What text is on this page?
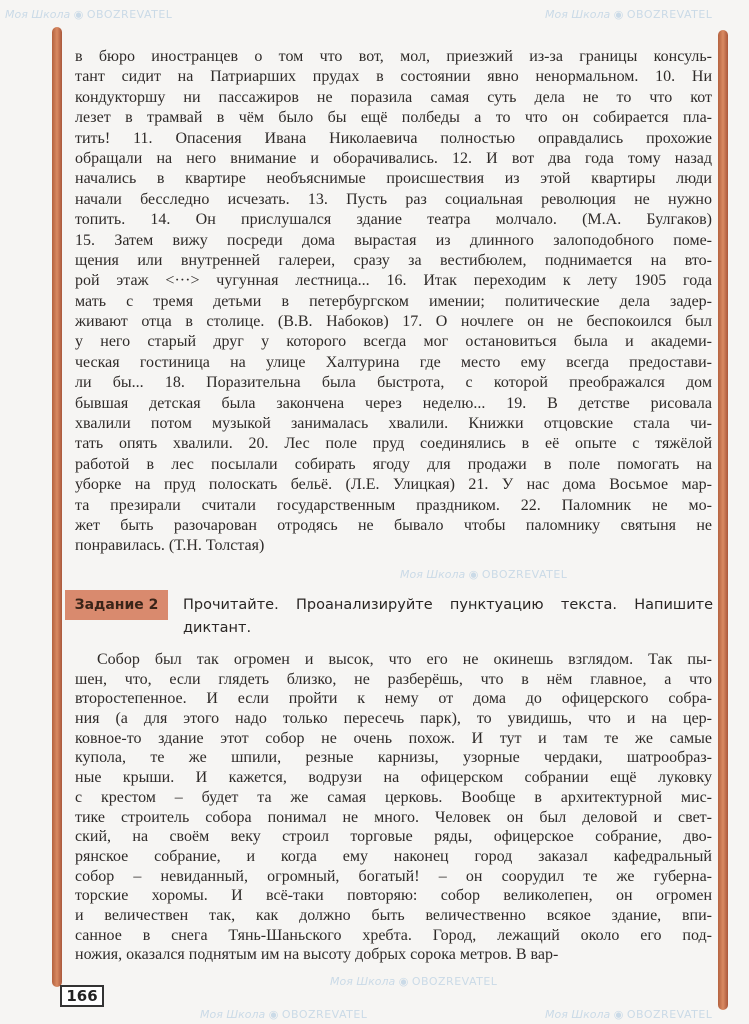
Моя Школа ◉ OBOZREVATEL	Моя Школа ◉ OBOZREVATEL
Моя Школа ◉ OBOZREVATEL
Моя Школа ◉ OBOZREVATEL
Моя Школа ◉ OBOZREVATEL
Моя Школа ◉ OBOZREVATEL
в бюро иностранцев о том что вот, мол, приезжий из-за границы консуль-
тант сидит на Патриарших прудах в состоянии явно ненормальном. 10. Ни
кондукторшу ни пассажиров не поразила самая суть дела не то что кот
лезет в трамвай в чём было бы ещё полбеды а то что он собирается пла-
тить! 11. Опасения Ивана Николаевича полностью оправдались прохожие
обращали на него внимание и оборачивались. 12. И вот два года тому назад
начались в квартире необъяснимые происшествия из этой квартиры люди
начали бесследно исчезать. 13. Пусть раз социальная революция не нужно
топить. 14. Он прислушался здание театра молчало. (М.А. Булгаков)
15. Затем вижу посреди дома вырастая из длинного залоподобного поме-
щения или внутренней галереи, сразу за вестибюлем, поднимается на вто-
рой этаж <···> чугунная лестница... 16. Итак переходим к лету 1905 года
мать с тремя детьми в петербургском имении; политические дела задер-
живают отца в столице. (В.В. Набоков) 17. О ночлеге он не беспокоился был
у него старый друг у которого всегда мог остановиться была и академи-
ческая гостиница на улице Халтурина где место ему всегда предостави-
ли бы... 18. Поразительна была быстрота, с которой преображался дом
бывшая детская была закончена через неделю... 19. В детстве рисовала
хвалили потом музыкой занималась хвалили. Книжки отцовские стала чи-
тать опять хвалили. 20. Лес поле пруд соединялись в её опыте с тяжёлой
работой в лес посылали собирать ягоду для продажи в поле помогать на
уборке на пруд полоскать бельё. (Л.Е. Улицкая) 21. У нас дома Восьмое мар-
та презирали считали государственным праздником. 22. Паломник не мо-
жет быть разочарован отродясь не бывало чтобы паломнику святыня не
понравилась. (Т.Н. Толстая)
Задание 2	Прочитайте. Проанализируйте пунктуацию текста. Напишите диктант.
Собор был так огромен и высок, что его не окинешь взглядом. Так пы-
шен, что, если глядеть близко, не разберёшь, что в нём главное, а что
второстепенное. И если пройти к нему от дома до офицерского собра-
ния (а для этого надо только пересечь парк), то увидишь, что и на цер-
ковное-то здание этот собор не очень похож. И тут и там те же самые
купола, те же шпили, резные карнизы, узорные чердаки, шатрообраз-
ные крыши. И кажется, водрузи на офицерском собрании ещё луковку
с крестом – будет та же самая церковь. Вообще в архитектурной мис-
тике строитель собора понимал не много. Человек он был деловой и свет-
ский, на своём веку строил торговые ряды, офицерское собрание, дво-
рянское собрание, и когда ему наконец город заказал кафедральный
собор – невиданный, огромный, богатый! – он соорудил те же губерна-
торские хоромы. И всё-таки повторяю: собор великолепен, он огромен
и величествен так, как должно быть величественно всякое здание, впи-
санное в снега Тянь-Шаньского хребта. Город, лежащий около его под-
ножия, оказался поднятым им на высоту добрых сорока метров. В вар-
166
